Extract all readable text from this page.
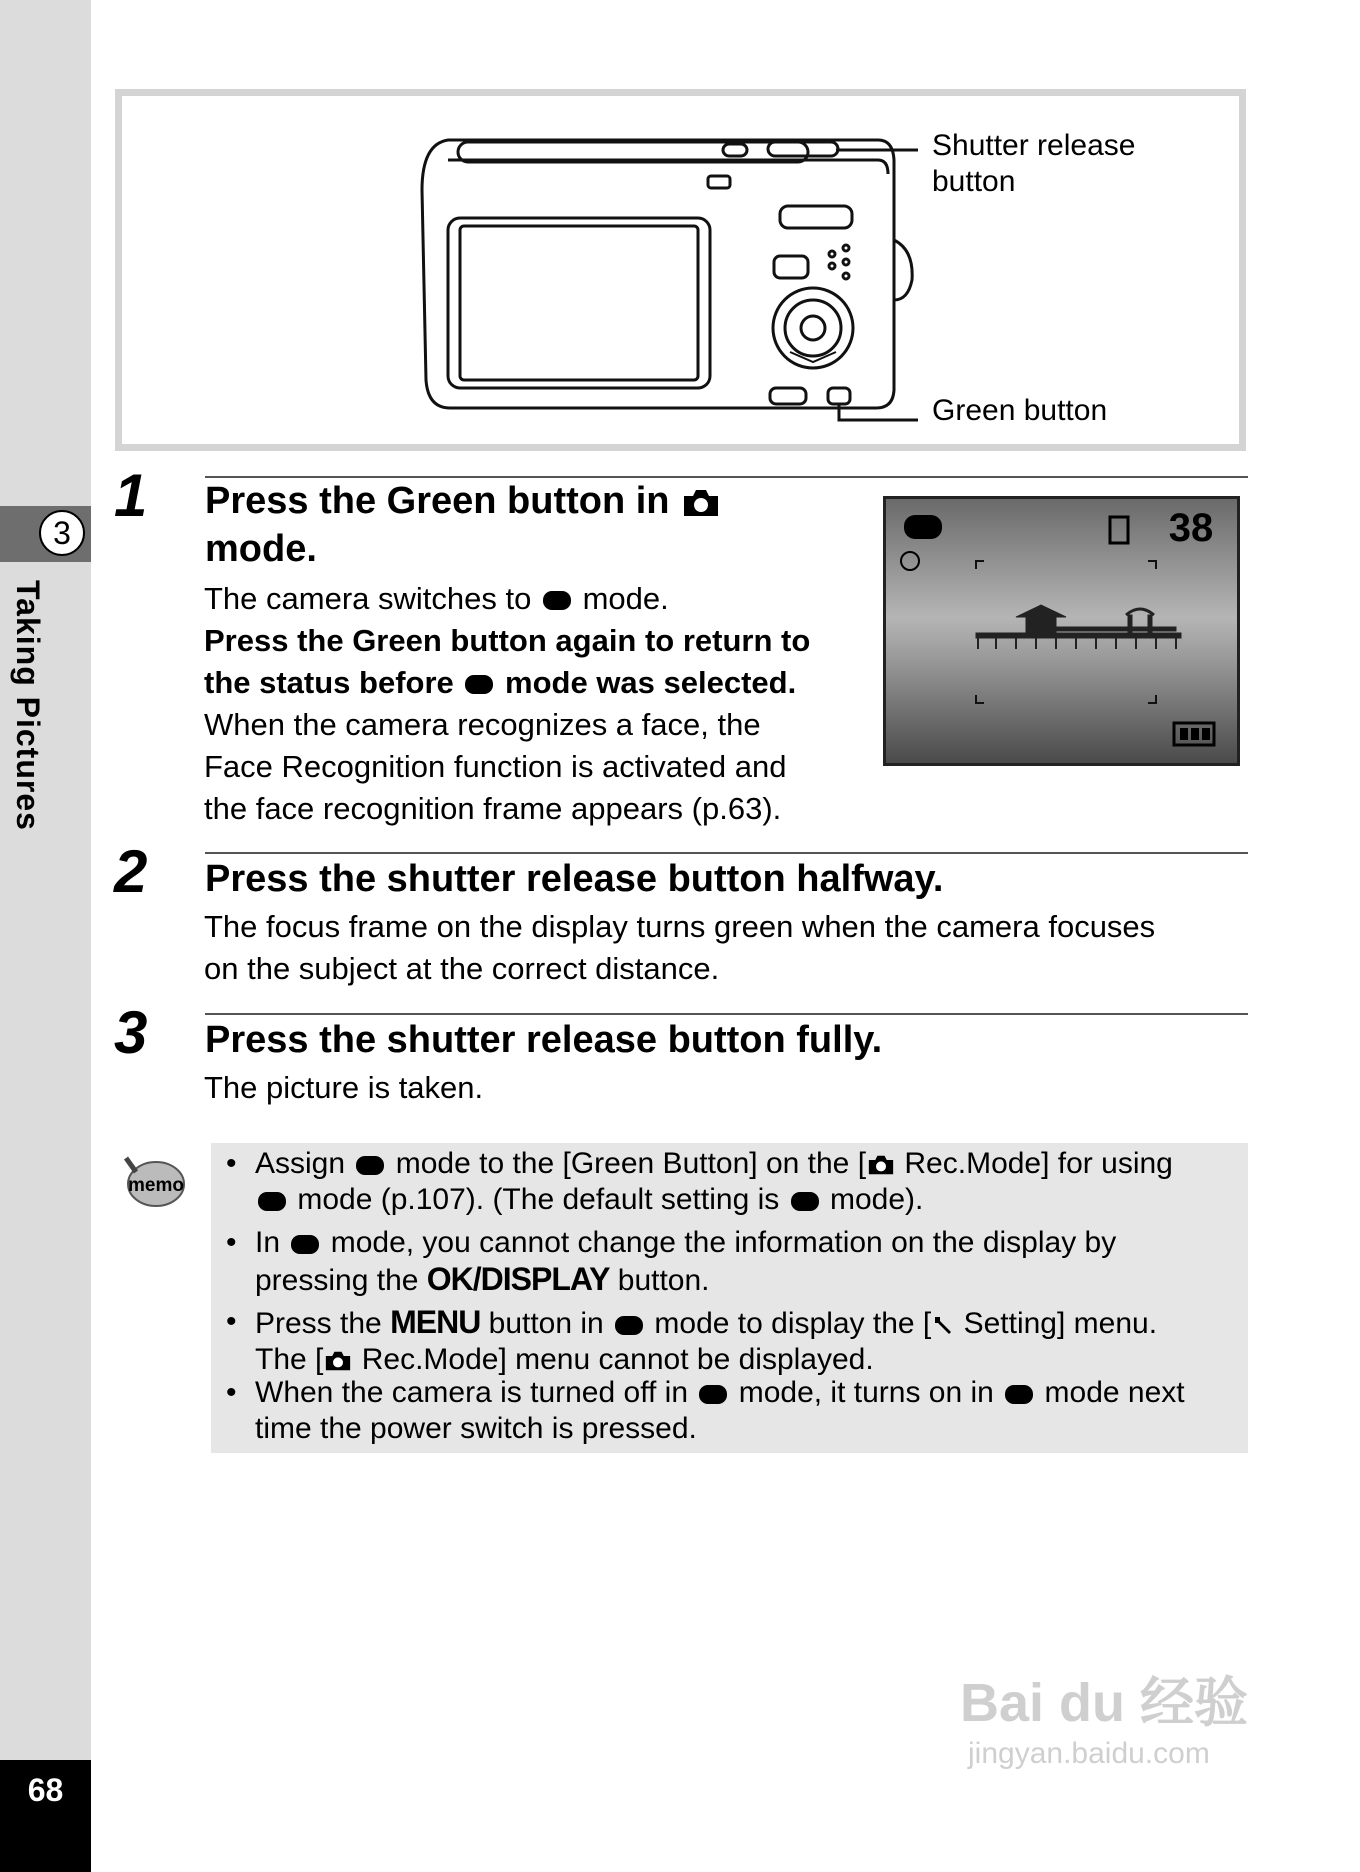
3
Taking Pictures
68
Shutter release
button
Green button
1 Press the Green button in
mode.
The camera switches to mode.
Press the Green button again to return to
the status before mode was selected.
When the camera recognizes a face, the
Face Recognition function is activated and
the face recognition frame appears (p.63).
38
2 Press the shutter release button halfway.
The focus frame on the display turns green when the camera focuses
on the subject at the correct distance.
3 Press the shutter release button fully.
The picture is taken.
memo
• Assign mode to the [Green Button] on the [ Rec.Mode] for using
mode (p.107). (The default setting is mode).
• In mode, you cannot change the information on the display by
pressing the OK/DISPLAY button.
• Press the MENU button in mode to display the [ Setting] menu.
The [ Rec.Mode] menu cannot be displayed.
• When the camera is turned off in mode, it turns on in mode next
time the power switch is pressed.
Bai du 经验
jingyan.baidu.com
